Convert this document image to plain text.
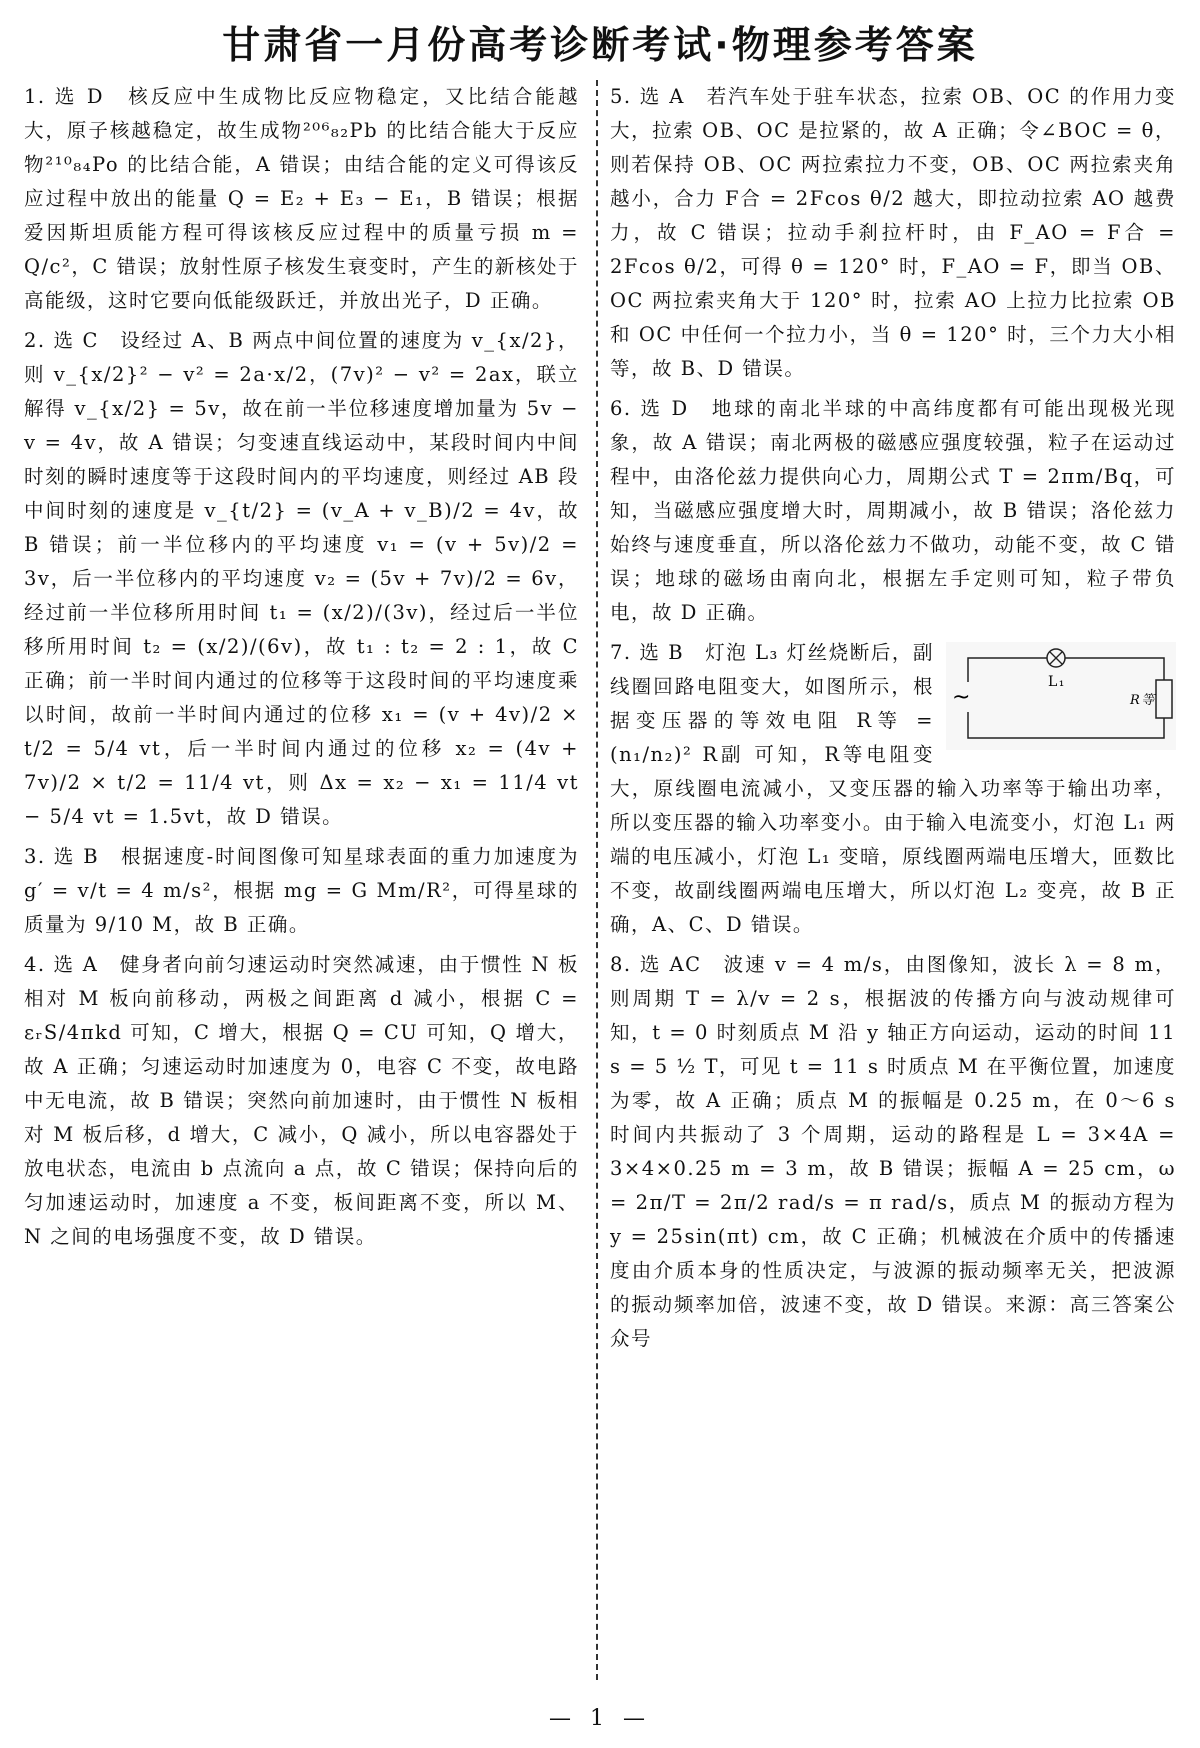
甘肃省一月份高考诊断考试·物理参考答案

1. 选 D　核反应中生成物比反应物稳定，又比结合能越大，原子核越稳定，故生成物²⁰⁶₈₂Pb 的比结合能大于反应物²¹⁰₈₄Po 的比结合能，A 错误；由结合能的定义可得该反应过程中放出的能量 Q = E₂ + E₃ − E₁，B 错误；根据爱因斯坦质能方程可得该核反应过程中的质量亏损 m = Q/c²，C 错误；放射性原子核发生衰变时，产生的新核处于高能级，这时它要向低能级跃迁，并放出光子，D 正确。

2. 选 C　设经过 A、B 两点中间位置的速度为 v_{x/2}，则 v_{x/2}² − v² = 2a·x/2，(7v)² − v² = 2ax，联立解得 v_{x/2} = 5v，故在前一半位移速度增加量为 5v − v = 4v，故 A 错误；匀变速直线运动中，某段时间内中间时刻的瞬时速度等于这段时间内的平均速度，则经过 AB 段中间时刻的速度是 v_{t/2} = (v_A + v_B)/2 = 4v，故 B 错误；前一半位移内的平均速度 v₁ = (v + 5v)/2 = 3v，后一半位移内的平均速度 v₂ = (5v + 7v)/2 = 6v，经过前一半位移所用时间 t₁ = (x/2)/(3v)，经过后一半位移所用时间 t₂ = (x/2)/(6v)，故 t₁ : t₂ = 2 : 1，故 C 正确；前一半时间内通过的位移等于这段时间的平均速度乘以时间，故前一半时间内通过的位移 x₁ = (v + 4v)/2 × t/2 = 5/4 vt，后一半时间内通过的位移 x₂ = (4v + 7v)/2 × t/2 = 11/4 vt，则 Δx = x₂ − x₁ = 11/4 vt − 5/4 vt = 1.5vt，故 D 错误。

3. 选 B　根据速度-时间图像可知星球表面的重力加速度为 g′ = v/t = 4 m/s²，根据 mg = G Mm/R²，可得星球的质量为 9/10 M，故 B 正确。

4. 选 A　健身者向前匀速运动时突然减速，由于惯性 N 板相对 M 板向前移动，两极之间距离 d 减小，根据 C = εᵣS/4πkd 可知，C 增大，根据 Q = CU 可知，Q 增大，故 A 正确；匀速运动时加速度为 0，电容 C 不变，故电路中无电流，故 B 错误；突然向前加速时，由于惯性 N 板相对 M 板后移，d 增大，C 减小，Q 减小，所以电容器处于放电状态，电流由 b 点流向 a 点，故 C 错误；保持向后的匀加速运动时，加速度 a 不变，板间距离不变，所以 M、N 之间的电场强度不变，故 D 错误。

5. 选 A　若汽车处于驻车状态，拉索 OB、OC 的作用力变大，拉索 OB、OC 是拉紧的，故 A 正确；令∠BOC = θ，则若保持 OB、OC 两拉索拉力不变，OB、OC 两拉索夹角越小，合力 F合 = 2Fcos θ/2 越大，即拉动拉索 AO 越费力，故 C 错误；拉动手刹拉杆时，由 F_AO = F合 = 2Fcos θ/2，可得 θ = 120° 时，F_AO = F，即当 OB、OC 两拉索夹角大于 120° 时，拉索 AO 上拉力比拉索 OB 和 OC 中任何一个拉力小，当 θ = 120° 时，三个力大小相等，故 B、D 错误。

6. 选 D　地球的南北半球的中高纬度都有可能出现极光现象，故 A 错误；南北两极的磁感应强度较强，粒子在运动过程中，由洛伦兹力提供向心力，周期公式 T = 2πm/Bq，可知，当磁感应强度增大时，周期减小，故 B 错误；洛伦兹力始终与速度垂直，所以洛伦兹力不做功，动能不变，故 C 错误；地球的磁场由南向北，根据左手定则可知，粒子带负电，故 D 正确。

~
L₁
R等

7. 选 B　灯泡 L₃ 灯丝烧断后，副线圈回路电阻变大，如图所示，根据变压器的等效电阻 R等 = (n₁/n₂)² R副 可知，R等电阻变大，原线圈电流减小，又变压器的输入功率等于输出功率，所以变压器的输入功率变小。由于输入电流变小，灯泡 L₁ 两端的电压减小，灯泡 L₁ 变暗，原线圈两端电压增大，匝数比不变，故副线圈两端电压增大，所以灯泡 L₂ 变亮，故 B 正确，A、C、D 错误。

8. 选 AC　波速 v = 4 m/s，由图像知，波长 λ = 8 m，则周期 T = λ/v = 2 s，根据波的传播方向与波动规律可知，t = 0 时刻质点 M 沿 y 轴正方向运动，运动的时间 11 s = 5 ½ T，可见 t = 11 s 时质点 M 在平衡位置，加速度为零，故 A 正确；质点 M 的振幅是 0.25 m，在 0～6 s 时间内共振动了 3 个周期，运动的路程是 L = 3×4A = 3×4×0.25 m = 3 m，故 B 错误；振幅 A = 25 cm，ω = 2π/T = 2π/2 rad/s = π rad/s，质点 M 的振动方程为 y = 25sin(πt) cm，故 C 正确；机械波在介质中的传播速度由介质本身的性质决定，与波源的振动频率无关，把波源的振动频率加倍，波速不变，故 D 错误。来源：高三答案公众号

— 1 —
